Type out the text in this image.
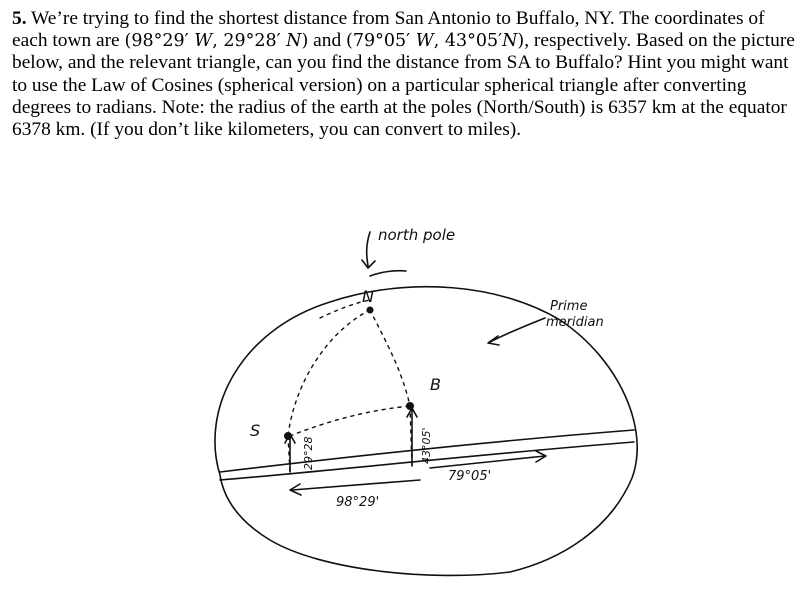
5. We’re trying to find the shortest distance from San Antonio to Buffalo, NY. The coordinates of each town are (98°29′ W, 29°28′ N) and (79°05′ W, 43°05′N), respectively. Based on the picture below, and the relevant triangle, can you find the distance from SA to Buffalo? Hint you might want to use the Law of Cosines (spherical version) on a particular spherical triangle after converting degrees to radians. Note: the radius of the earth at the poles (North/South) is 6357 km at the equator 6378 km. (If you don’t like kilometers, you can convert to miles).

north pole
N
Prime
meridian
B
S
29°28	43°05'
79°05'
98°29'
